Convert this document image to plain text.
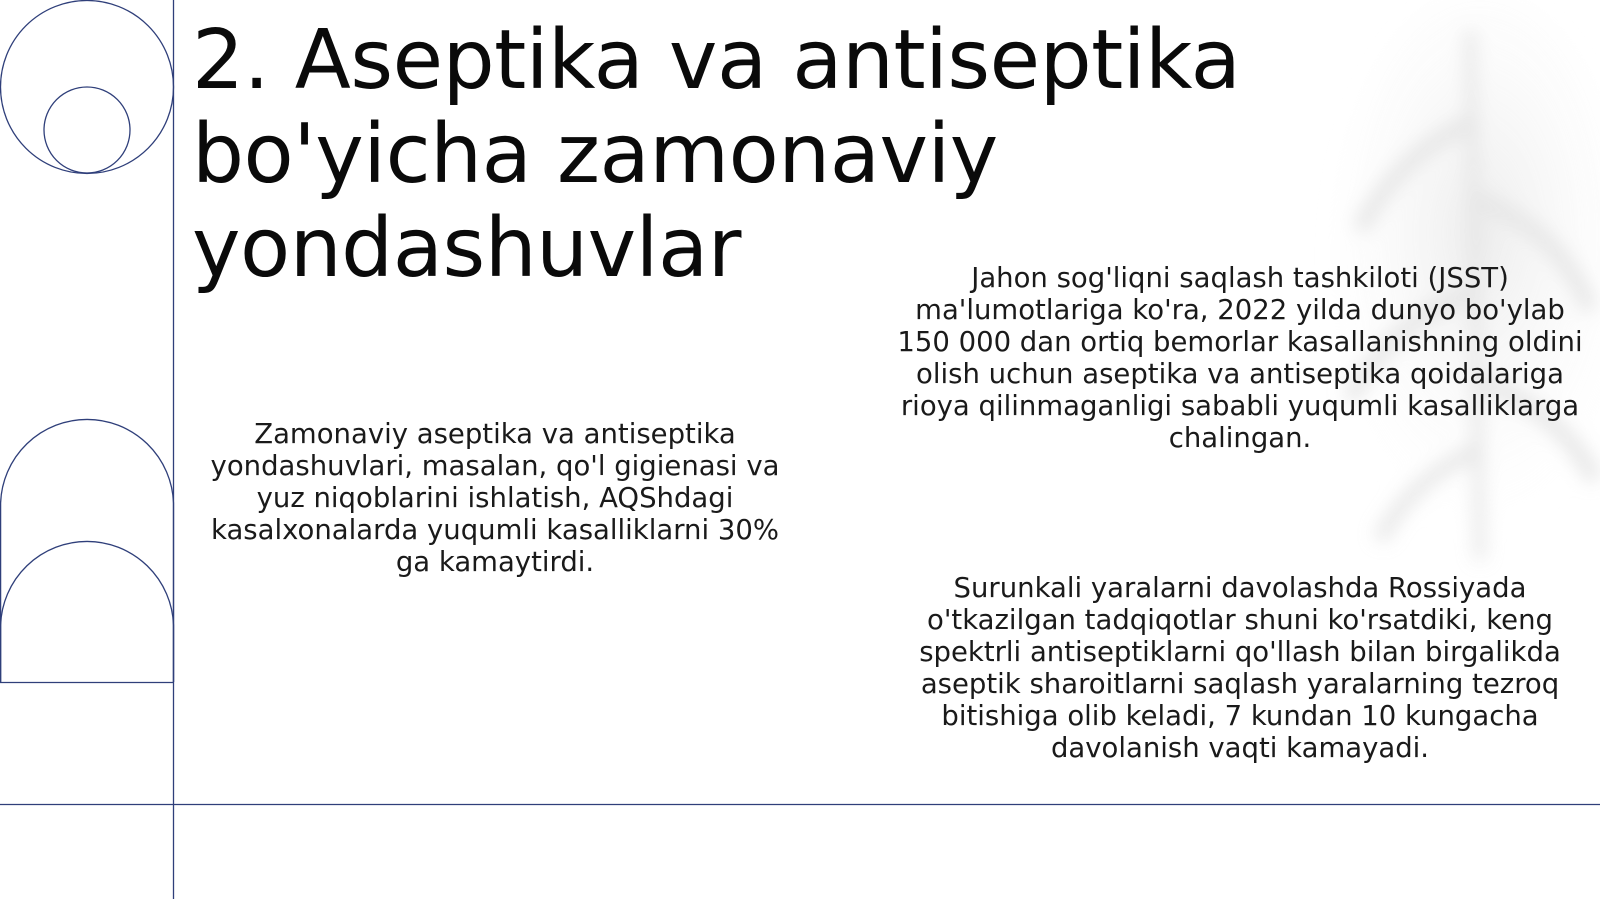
2. Aseptika va antiseptika bo'yicha zamonaviy yondashuvlar

Zamonaviy aseptika va antiseptika yondashuvlari, masalan, qo'l gigienasi va yuz niqoblarini ishlatish, AQShdagi kasalxonalarda yuqumli kasalliklarni 30% ga kamaytirdi.

Jahon sog'liqni saqlash tashkiloti (JSST) ma'lumotlariga ko'ra, 2022 yilda dunyo bo'ylab 150 000 dan ortiq bemorlar kasallanishning oldini olish uchun aseptika va antiseptika qoidalariga rioya qilinmaganligi sababli yuqumli kasalliklarga chalingan.

Surunkali yaralarni davolashda Rossiyada o'tkazilgan tadqiqotlar shuni ko'rsatdiki, keng spektrli antiseptiklarni qo'llash bilan birgalikda aseptik sharoitlarni saqlash yaralarning tezroq bitishiga olib keladi, 7 kundan 10 kungacha davolanish vaqti kamayadi.
